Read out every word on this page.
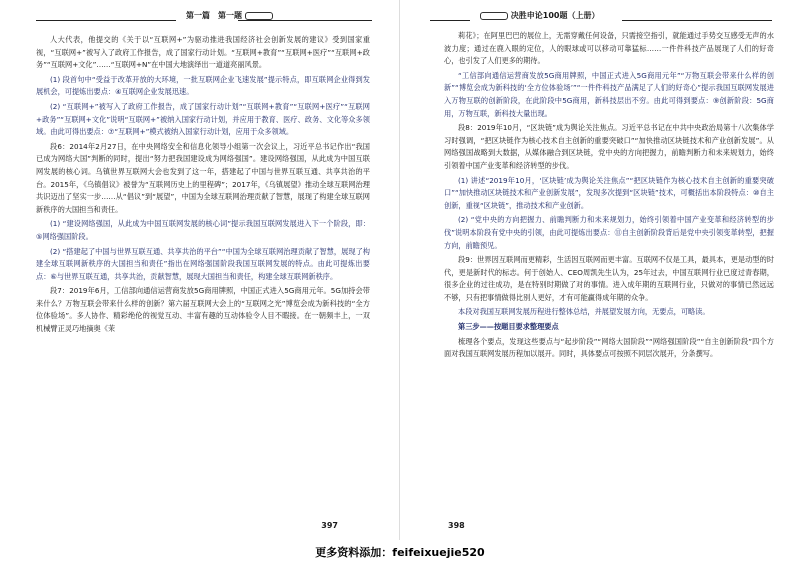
第一篇　第一题

人大代表，他提交的《关于以“互联网+”为驱动推进我国经济社会创新发展的建议》受到国家重视，“互联网+”被写入了政府工作报告，成了国家行动计划。“互联网+教育”“互联网+医疗”“互联网+政务”“互联网+文化”……“互联网+N”在中国大地演绎出一道道亮丽风景。

(1) 段首句中“受益于改革开放的大环境，一批互联网企业飞速发展”提示特点，即互联网企业得到发展机会，可提炼出要点：④互联网企业发展迅速。

(2) “互联网+”被写入了政府工作报告，成了国家行动计划”“互联网+教育”“互联网+医疗”“互联网+政务”“互联网+文化”说明“互联网+”被纳入国家行动计划，并应用于教育、医疗、政务、文化等众多领域。由此可得出要点：⑦“互联网+”模式被纳入国家行动计划，应用于众多领域。

段6：2014年2月27日，在中央网络安全和信息化领导小组第一次会议上，习近平总书记作出“我国已成为网络大国”判断的同时，提出“努力把我国建设成为网络强国”。建设网络强国，从此成为中国互联网发展的核心词。乌镇世界互联网大会也发到了这一年，搭建起了中国与世界互联互通、共享共治的平台。2015年，《乌镇倡议》被誉为“互联网历史上的里程碑”；2017年，《乌镇展望》推动全球互联网治理共识迈出了坚实一步……从“倡议”到“展望”，中国为全球互联网治理贡献了智慧，展现了构建全球互联网新秩序的大国担当和责任。

(1) “建设网络强国，从此成为中国互联网发展的核心词”提示我国互联网发展进入下一个阶段，即：⑤网络强国阶段。

(2) “搭建起了中国与世界互联互通、共享共治的平台”“中国为全球互联网治理贡献了智慧，展现了构建全球互联网新秩序的大国担当和责任”指出在网络强国阶段我国互联网发展的特点。由此可提炼出要点：⑥与世界互联互通，共享共治，贡献智慧，展现大国担当和责任，构建全球互联网新秩序。

段7：2019年6月，工信部向通信运营商发放5G商用牌照，中国正式进入5G商用元年。5G加持会带来什么？万物互联会带来什么样的创新？第六届互联网大会上的“互联网之光”博览会成为新科技的“全方位体验场”。多人协作、精彩绝伦的视觉互动、丰富有趣的互动体验令人目不暇接。在一朝频丰上，一双机械臂正灵巧地摘奥《茉

397
决胜申论100题（上册）

莉花》；在阿里巴巴的展位上，无需穿戴任何设备，只需接空指引，就能通过手势交互感受无声的水波力度；通过在鹿入眼的定位，人的眼球或可以移动可靠猛标……一件件科技产品展现了人们的好奇心，也引发了人们更多的期待。

“工信部向通信运营商发放5G商用牌照，中国正式进入5G商用元年”“万物互联会带来什么样的创新”“博览会成为新科技的‘全方位体验场’”“一件件科技产品满足了人们的好奇心”提示我国互联网发展进入万物互联的创新阶段，在此阶段中5G商用，新科技层出不穷。由此可得到要点：⑨创新阶段：5G商用，万物互联，新科技大量出现。

段8：2019年10月，“区块链”成为舆论关注焦点。习近平总书记在中共中央政治局第十八次集体学习时强调，“把区块链作为核心技术自主创新的重要突破口”“加快推动区块链技术和产业创新发展”。从网络强国战略到大数据，从媒体融合到区块链，党中央的方向把握力，前瞻判断力和未来规划力，始终引领着中国产业变革和经济转型的步伐。

(1) 讲述“2019年10月，‘区块链’成为舆论关注焦点”“把区块链作为核心技术自主创新的重要突破口”“加快推动区块链技术和产业创新发展”，发现多次提到“区块链”技术，可概括出本阶段特点：⑩自主创新，重视“区块链”，推动技术和产业创新。

(2) “党中央的方向把握力、前瞻判断力和未来规划力，始终引领着中国产业变革和经济转型的步伐”说明本阶段有党中央的引领，由此可提炼出要点：⑪自主创新阶段背后是党中央引领变革转型，把握方向，前瞻预见。

段9：世界因互联网而更精彩，生活因互联网而更丰富。互联网不仅是工具，最具本，更是动型的时代，更是新时代的标志。何于创始人、CEO周凯先生认为，25年过去，中国互联网行业已度过青春期，很多企业的过往成功，是在特别时期做了对的事情。进入成年期的互联网行业，只做对的事情已然远远不够，只有把事情做得比别人更好，才有可能赢得成年期的众争。

本段对我国互联网发展历程进行整体总结，并展望发展方向，无要点，可略读。

第三步——按题目要求整理要点

梳理各个要点，发现这些要点与“起步阶段”“网络大国阶段”“网络强国阶段”“自主创新阶段”四个方面对我国互联网发展历程加以展开。同时，具体要点可按照不同层次展开，分条撰写。

398
更多资料添加：feifeixuejie520
